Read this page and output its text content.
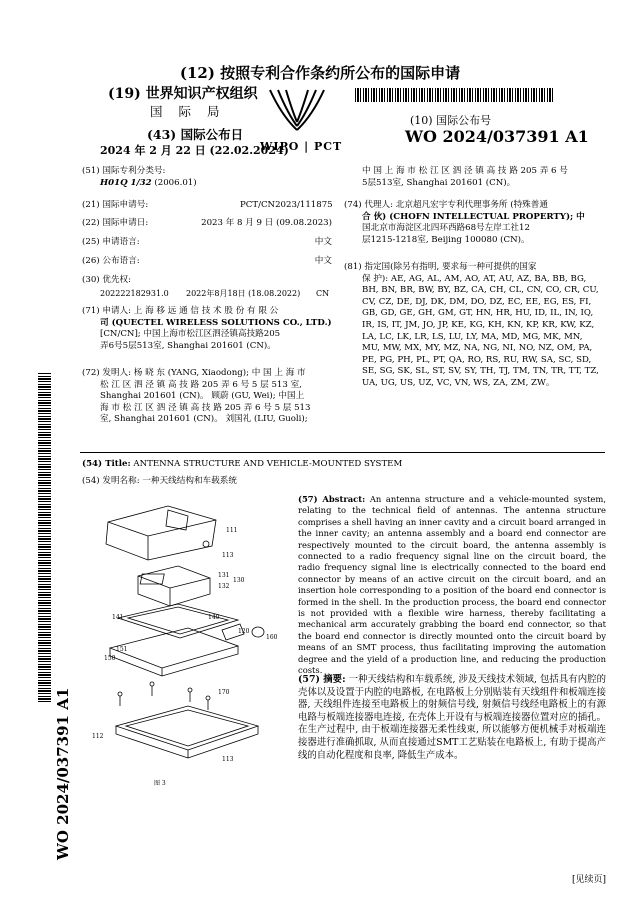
(12) 按照专利合作条约所公布的国际申请
(19) 世界知识产权组织
国 际 局
(43) 国际公布日
2024 年 2 月 22 日 (22.02.2024)
WIPO | PCT
(10) 国际公布号
WO 2024/037391 A1
WO 2024/037391 A1
(51) 国际专利分类号:
H01Q 1/32 (2006.01)
(21) 国际申请号:	PCT/CN2023/111875
(22) 国际申请日:	2023 年 8 月 9 日 (09.08.2023)
(25) 申请语言:	中文
(26) 公布语言:	中文
(30) 优先权:
202222182931.0 2022年8月18日 (18.08.2022) CN
(71) 申请人: 上 海 移 远 通 信 技 术 股 份 有 限 公
司 (QUECTEL WIRELESS SOLUTIONS CO., LTD.)
[CN/CN]; 中国上海市松江区泗泾镇高技路205
弄6号5层513室, Shanghai 201601 (CN)。
(72) 发明人: 杨 晓 东 (YANG, Xiaodong); 中 国 上 海 市
松 江 区 泗 泾 镇 高 技 路 205 弄 6 号 5 层 513 室,
Shanghai 201601 (CN)。 顾蔚 (GU, Wei); 中国上
海 市 松 江 区 泗 泾 镇 高 技 路 205 弄 6 号 5 层 513
室, Shanghai 201601 (CN)。 刘国礼 (LIU, Guoli);
中 国 上 海 市 松 江 区 泗 泾 镇 高 技 路 205 弄 6 号
5层513室, Shanghai 201601 (CN)。
(74) 代理人: 北京超凡宏宇专利代理事务所 (特殊普通
合 伙) (CHOFN INTELLECTUAL PROPERTY); 中
国北京市海淀区北四环西路68号左岸工社12
层1215-1218室, Beijing 100080 (CN)。
(81) 指定国(除另有指明, 要求每一种可提供的国家
保 护): AE, AG, AL, AM, AO, AT, AU, AZ, BA, BB, BG,
BH, BN, BR, BW, BY, BZ, CA, CH, CL, CN, CO, CR, CU,
CV, CZ, DE, DJ, DK, DM, DO, DZ, EC, EE, EG, ES, FI,
GB, GD, GE, GH, GM, GT, HN, HR, HU, ID, IL, IN, IQ,
IR, IS, IT, JM, JO, JP, KE, KG, KH, KN, KP, KR, KW, KZ,
LA, LC, LK, LR, LS, LU, LY, MA, MD, MG, MK, MN,
MU, MW, MX, MY, MZ, NA, NG, NI, NO, NZ, OM, PA,
PE, PG, PH, PL, PT, QA, RO, RS, RU, RW, SA, SC, SD,
SE, SG, SK, SL, ST, SV, SY, TH, TJ, TM, TN, TR, TT, TZ,
UA, UG, US, UZ, VC, VN, WS, ZA, ZM, ZW。
(54) Title: ANTENNA STRUCTURE AND VEHICLE-MOUNTED SYSTEM
(54) 发明名称: 一种天线结构和车载系统
111
113
131
130
132
141	140
120
160
150
151
170
112
113
图 3
(57) Abstract: An antenna structure and a vehicle-mounted system, relating to the technical field of antennas. The antenna structure comprises a shell having an inner cavity and a circuit board arranged in the inner cavity; an antenna assembly and a board end connector are respectively mounted to the circuit board, the antenna assembly is connected to a radio frequency signal line on the circuit board, the radio frequency signal line is electrically connected to the board end connector by means of an active circuit on the circuit board, and an insertion hole corresponding to a position of the board end connector is formed in the shell. In the production process, the board end connector is not provided with a flexible wire harness, thereby facilitating a mechanical arm accurately grabbing the board end connector, so that the board end connector is directly mounted onto the circuit board by means of an SMT process, thus facilitating improving the automation degree and the yield of a production line, and reducing the production costs.
(57) 摘要: 一种天线结构和车载系统, 涉及天线技术领域, 包括具有内腔的壳体以及设置于内腔的电路板, 在电路板上分别贴装有天线组件和板端连接器, 天线组件连接至电路板上的射频信号线, 射频信号线经电路板上的有源电路与板端连接器电连接, 在壳体上开设有与板端连接器位置对应的插孔。在生产过程中, 由于板端连接器无柔性线束, 所以能够方便机械手对板端连接器进行准确抓取, 从而直接通过SMT工艺贴装在电路板上, 有助于提高产线的自动化程度和良率, 降低生产成本。
[见续页]
